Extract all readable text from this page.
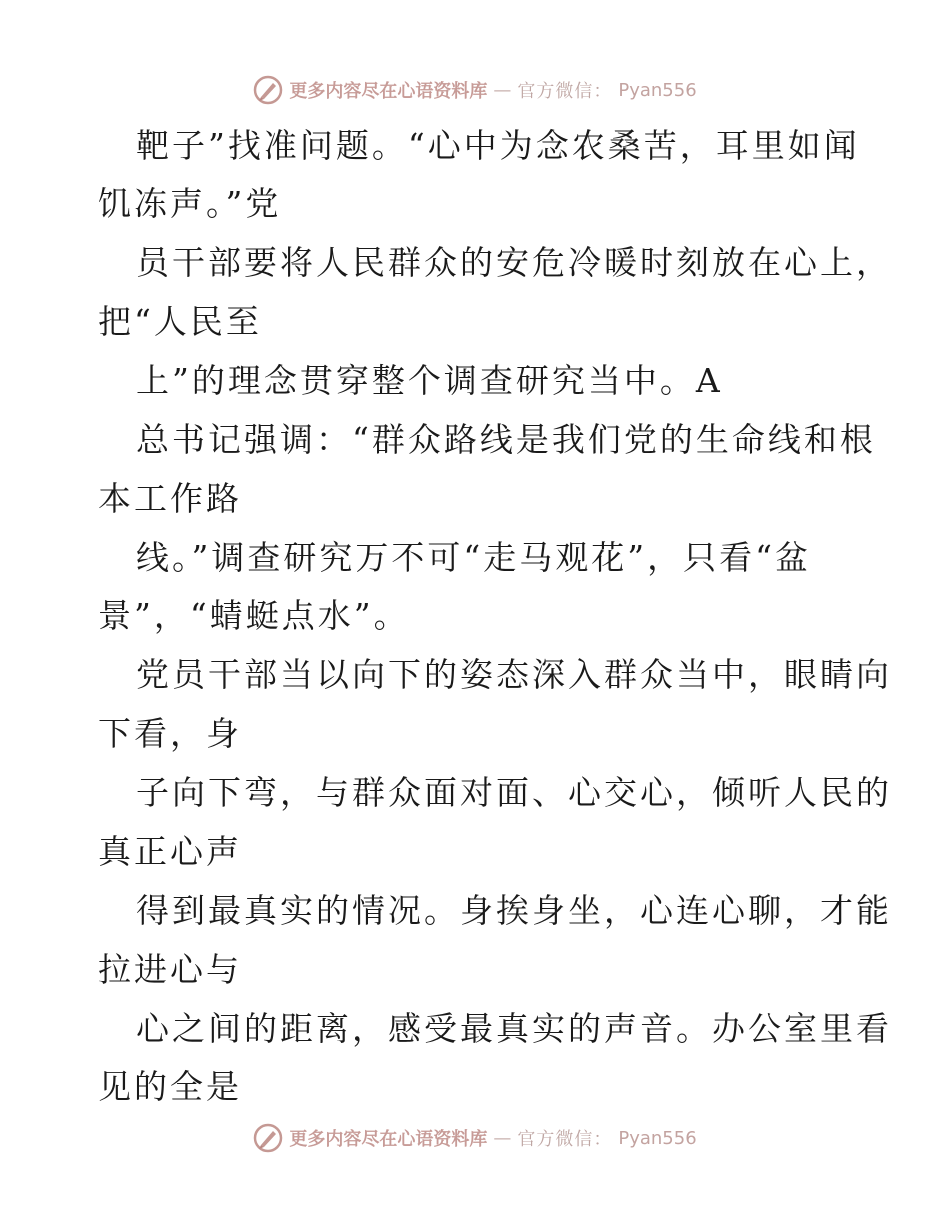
更多内容尽在心语资料库 — 官方微信： Pyan556
靶子”找准问题。“心中为念农桑苦，耳里如闻
饥冻声。”党
员干部要将人民群众的安危冷暖时刻放在心上，
把“人民至
上”的理念贯穿整个调查研究当中。A
总书记强调：“群众路线是我们党的生命线和根
本工作路
线。”调查研究万不可“走马观花”，只看“盆
景”，“蜻蜓点水”。
党员干部当以向下的姿态深入群众当中，眼睛向
下看，身
子向下弯，与群众面对面、心交心，倾听人民的
真正心声
得到最真实的情况。身挨身坐，心连心聊，才能
拉进心与
心之间的距离，感受最真实的声音。办公室里看
见的全是
更多内容尽在心语资料库 — 官方微信： Pyan556
